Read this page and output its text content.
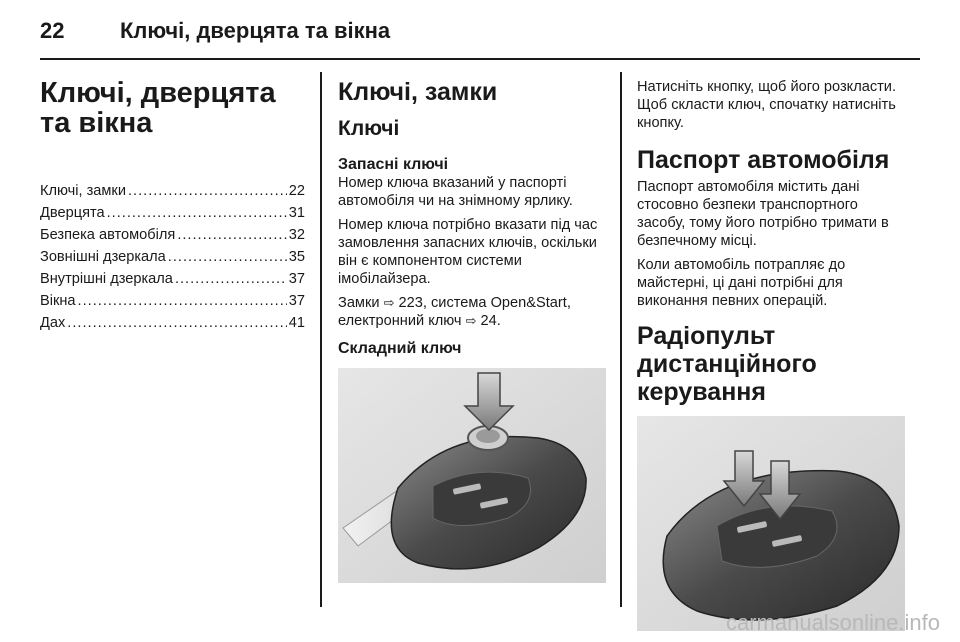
22	Ключі, дверцята та вікна
Ключі, дверцята та вікна
Ключі, замки .....	22
Дверцята .....	31
Безпека автомобіля .....	32
Зовнішні дзеркала .....	35
Внутрішні дзеркала .....	37
Вікна .....	37
Дах .....	41
Ключі, замки
Ключі
Запасні ключі

Номер ключа вказаний у паспорті автомобіля чи на знімному ярлику.

Номер ключа потрібно вказати під час замовлення запасних ключів, оскільки він є компонентом системи імобілайзера.

Замки ⇨ 223, система Open&Start, електронний ключ ⇨ 24.

Складний ключ

Натисніть кнопку, щоб його розкласти. Щоб скласти ключ, спочатку натисніть кнопку.

Паспорт автомобіля

Паспорт автомобіля містить дані стосовно безпеки транспортного засобу, тому його потрібно тримати в безпечному місці.

Коли автомобіль потрапляє до майстерні, ці дані потрібні для виконання певних операцій.

Радіопульт дистанційного керування
carmanualsonline.info
